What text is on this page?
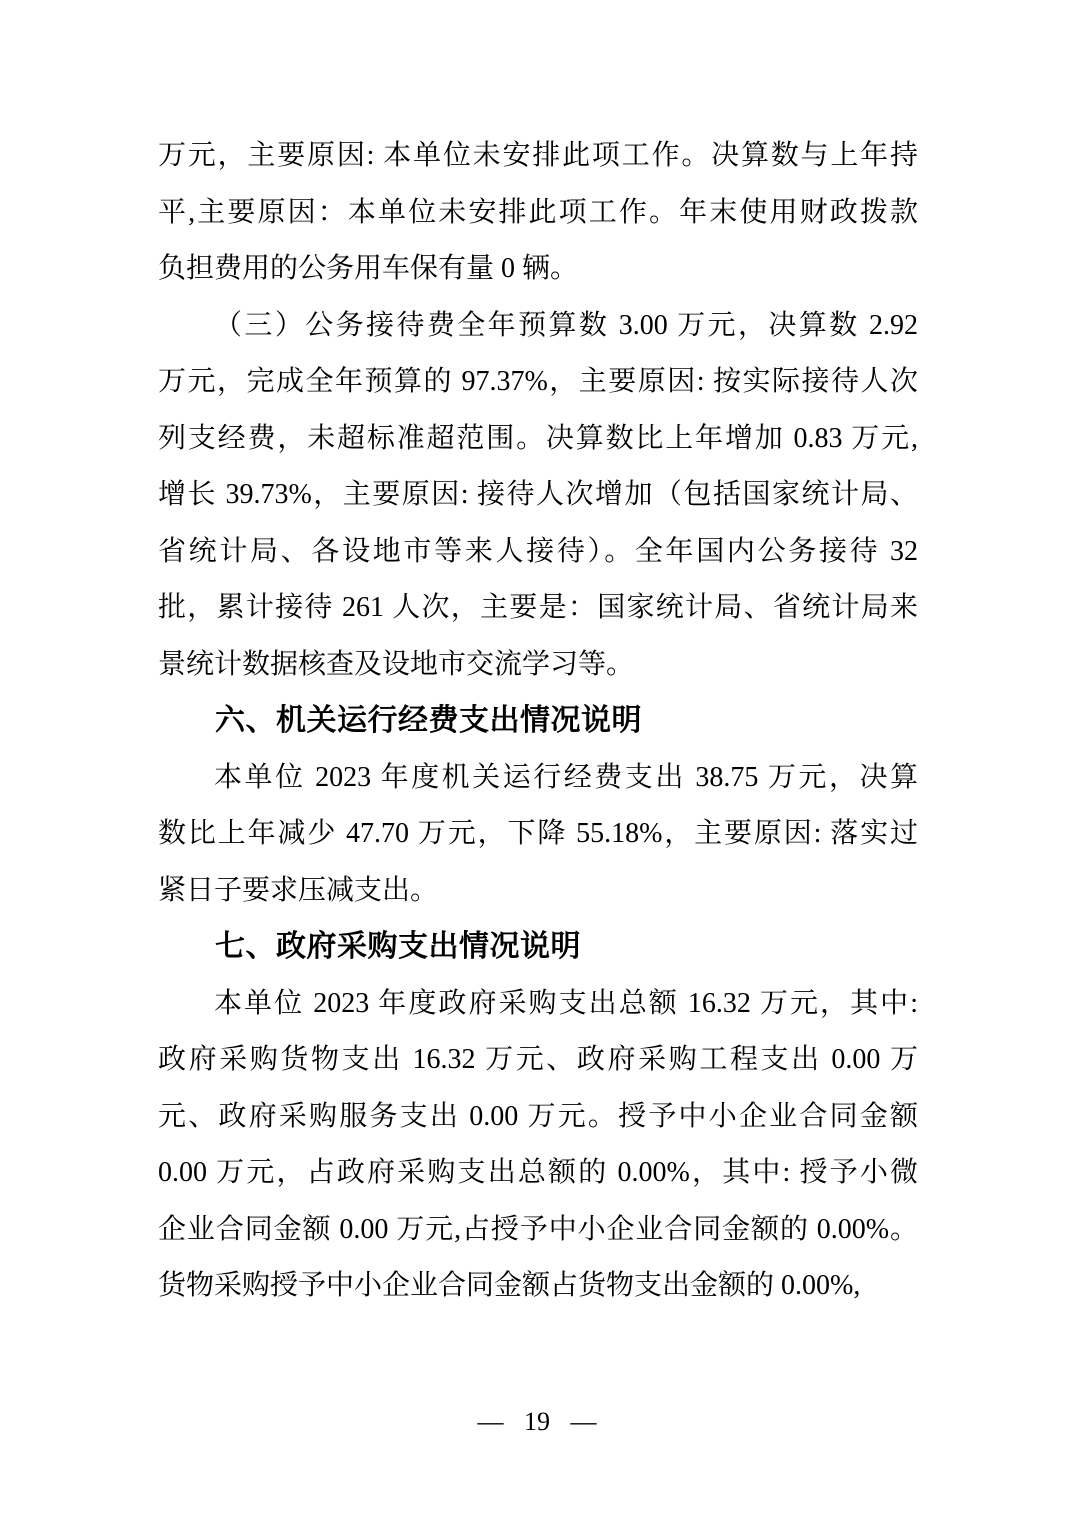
万元，主要原因: 本单位未安排此项工作。决算数与上年持
平,主要原因：本单位未安排此项工作。年末使用财政拨款
负担费用的公务用车保有量 0 辆。
（三）公务接待费全年预算数 3.00 万元，决算数 2.92
万元，完成全年预算的 97.37%，主要原因: 按实际接待人次
列支经费，未超标准超范围。决算数比上年增加 0.83 万元,
增长 39.73%，主要原因: 接待人次增加（包括国家统计局、
省统计局、各设地市等来人接待）。全年国内公务接待 32
批，累计接待 261 人次，主要是：国家统计局、省统计局来
景统计数据核查及设地市交流学习等。
六、机关运行经费支出情况说明
本单位 2023 年度机关运行经费支出 38.75 万元，决算
数比上年减少 47.70 万元，下降 55.18%，主要原因: 落实过
紧日子要求压减支出。
七、政府采购支出情况说明
本单位 2023 年度政府采购支出总额 16.32 万元，其中:
政府采购货物支出 16.32 万元、政府采购工程支出 0.00 万
元、政府采购服务支出 0.00 万元。授予中小企业合同金额
0.00 万元，占政府采购支出总额的 0.00%，其中: 授予小微
企业合同金额 0.00 万元,占授予中小企业合同金额的 0.00%。
货物采购授予中小企业合同金额占货物支出金额的 0.00%,
— 19 —
